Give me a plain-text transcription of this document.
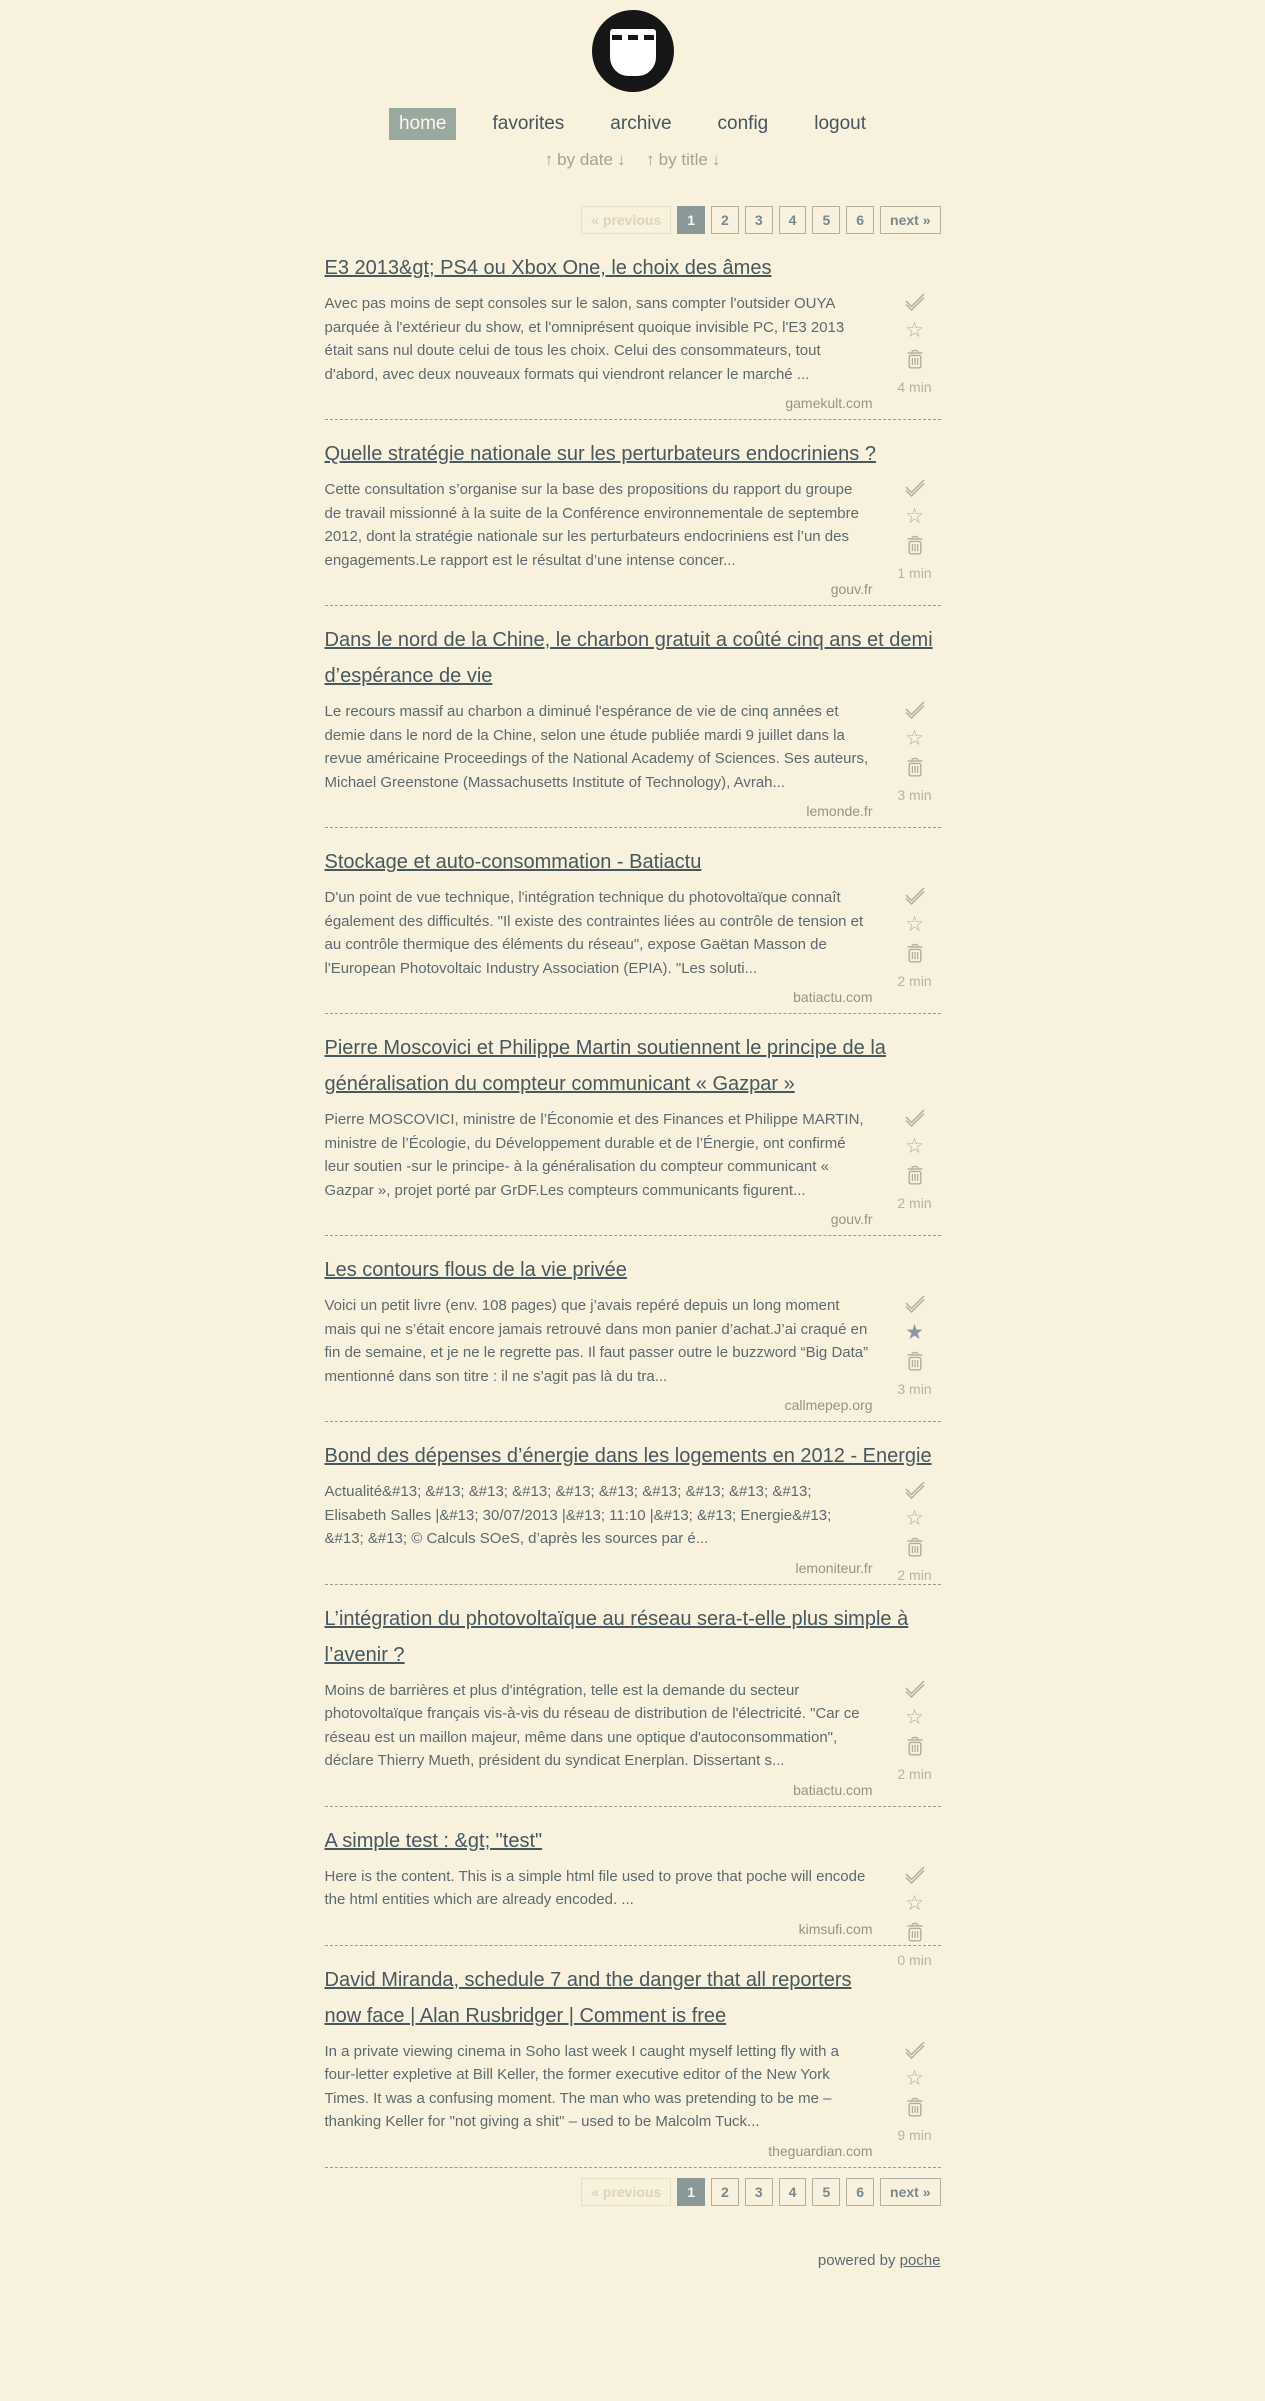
home	favorites	archive	config	logout
↑ by date ↓ ↑ by title ↓
« previous 1 2 3 4 5 6 next »
E3 2013&gt; PS4 ou Xbox One, le choix des âmes
☆
4 min

Avec pas moins de sept consoles sur le salon, sans compter l'outsider OUYA parquée à l'extérieur du show, et l'omniprésent quoique invisible PC, l'E3 2013 était sans nul doute celui de tous les choix. Celui des consommateurs, tout d'abord, avec deux nouveaux formats qui viendront relancer le marché ...

gamekult.com
Quelle stratégie nationale sur les perturbateurs endocriniens ?
☆
1 min

Cette consultation s’organise sur la base des propositions du rapport du groupe de travail missionné à la suite de la Conférence environnementale de septembre 2012, dont la stratégie nationale sur les perturbateurs endocriniens est l’un des engagements.Le rapport est le résultat d’une intense concer...

gouv.fr
Dans le nord de la Chine, le charbon gratuit a coûté cinq ans et demi d’espérance de vie
☆
3 min

Le recours massif au charbon a diminué l'espérance de vie de cinq années et demie dans le nord de la Chine, selon une étude publiée mardi 9 juillet dans la revue américaine Proceedings of the National Academy of Sciences. Ses auteurs, Michael Greenstone (Massachusetts Institute of Technology), Avrah...

lemonde.fr
Stockage et auto-consommation - Batiactu
☆
2 min

D'un point de vue technique, l'intégration technique du photovoltaïque connaît également des difficultés. "Il existe des contraintes liées au contrôle de tension et au contrôle thermique des éléments du réseau", expose Gaëtan Masson de l'European Photovoltaic Industry Association (EPIA). "Les soluti...

batiactu.com
Pierre Moscovici et Philippe Martin soutiennent le principe de la généralisation du compteur communicant « Gazpar »
☆
2 min

Pierre MOSCOVICI, ministre de l’Économie et des Finances et Philippe MARTIN, ministre de l’Écologie, du Développement durable et de l’Énergie, ont confirmé leur soutien -sur le principe- à la généralisation du compteur communicant « Gazpar », projet porté par GrDF.Les compteurs communicants figurent...

gouv.fr
Les contours flous de la vie privée
★
3 min

Voici un petit livre (env. 108 pages) que j’avais repéré depuis un long moment mais qui ne s’était encore jamais retrouvé dans mon panier d’achat.J’ai craqué en fin de semaine, et je ne le regrette pas. Il faut passer outre le buzzword “Big Data” mentionné dans son titre : il ne s’agit pas là du tra...

callmepep.org
Bond des dépenses d’énergie dans les logements en 2012 - Energie
☆
2 min

Actualité&#13; &#13; &#13; &#13; &#13; &#13; &#13; &#13; &#13; &#13; Elisabeth Salles |&#13; 30/07/2013 |&#13; 11:10 |&#13; &#13; Energie&#13; &#13; &#13; © Calculs SOeS, d’après les sources par é...

lemoniteur.fr
L’intégration du photovoltaïque au réseau sera-t-elle plus simple à l’avenir ?
☆
2 min

Moins de barrières et plus d'intégration, telle est la demande du secteur photovoltaïque français vis-à-vis du réseau de distribution de l'électricité. "Car ce réseau est un maillon majeur, même dans une optique d'autoconsommation", déclare Thierry Mueth, président du syndicat Enerplan. Dissertant s...

batiactu.com
A simple test : &gt; "test"
☆
0 min

Here is the content. This is a simple html file used to prove that poche will encode the html entities which are already encoded. ...

kimsufi.com
David Miranda, schedule 7 and the danger that all reporters now face | Alan Rusbridger | Comment is free
☆
9 min

In a private viewing cinema in Soho last week I caught myself letting fly with a four-letter expletive at Bill Keller, the former executive editor of the New York Times. It was a confusing moment. The man who was pretending to be me – thanking Keller for "not giving a shit" – used to be Malcolm Tuck...

theguardian.com
« previous 1 2 3 4 5 6 next »
powered by poche
